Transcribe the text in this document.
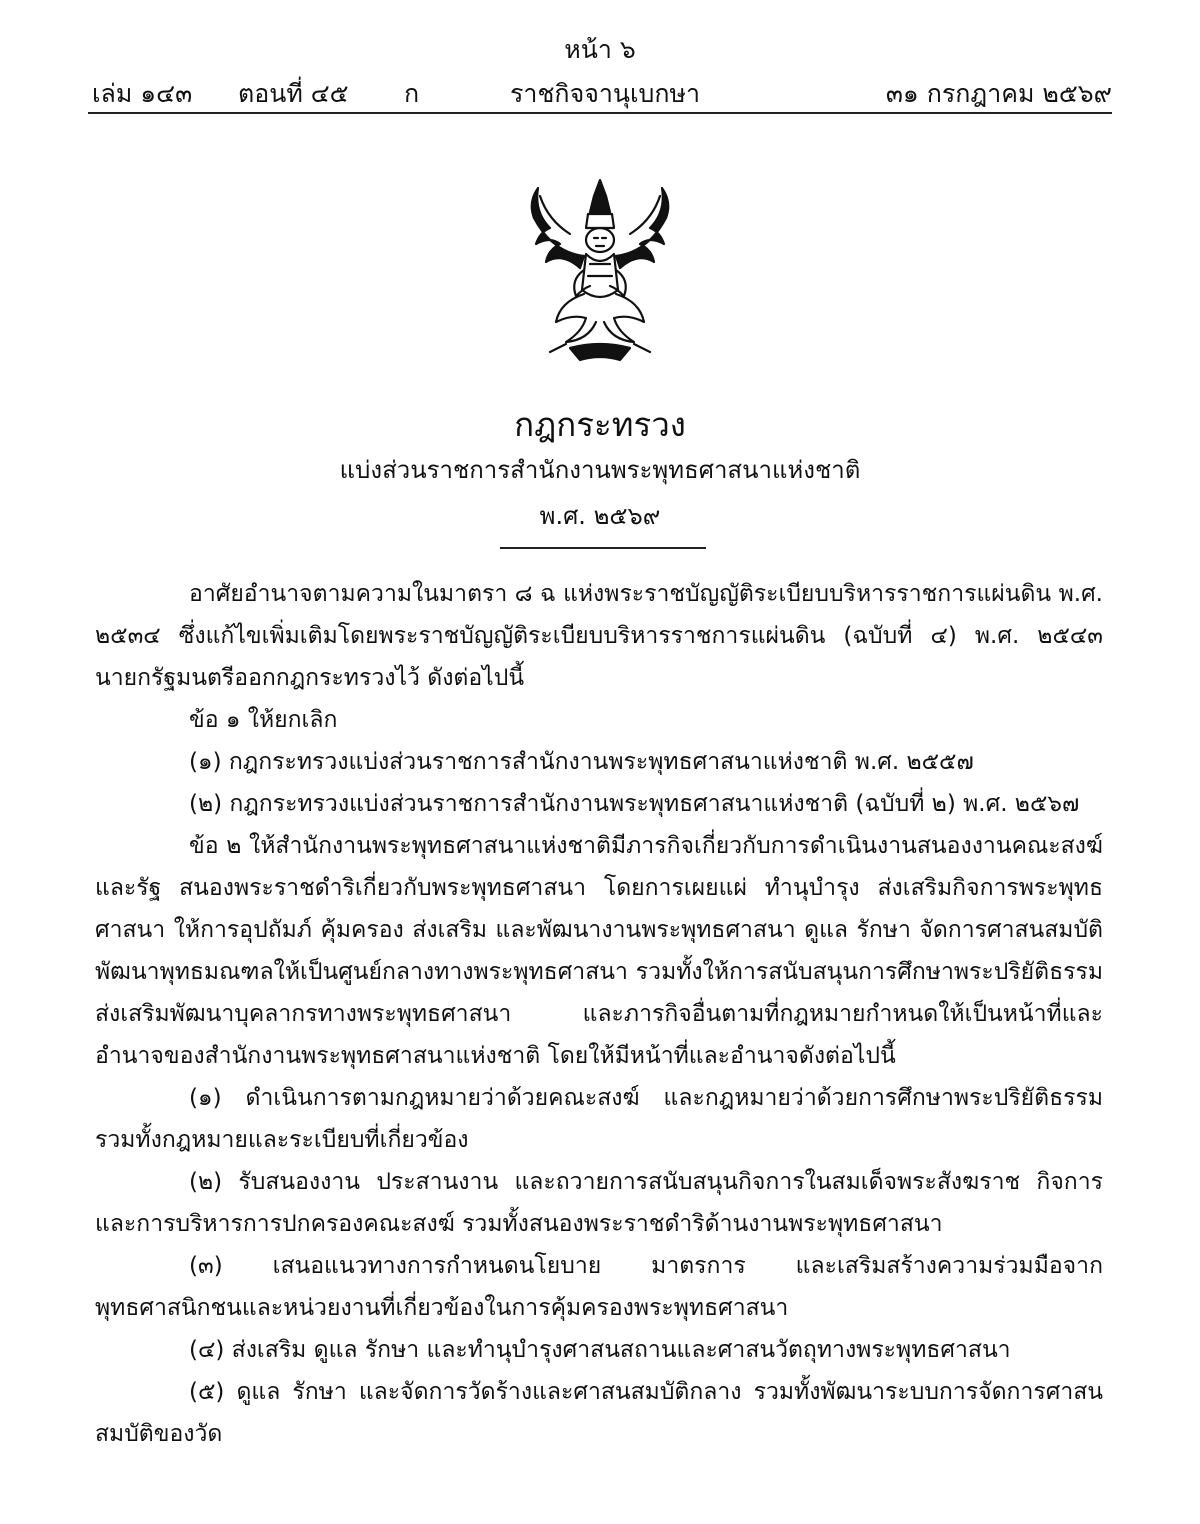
หน้า ๖
เล่ม ๑๔๓ ตอนที่ ๔๕ ก	ราชกิจจานุเบกษา	๓๑ กรกฎาคม ๒๕๖๙
กฎกระทรวง
แบ่งส่วนราชการสำนักงานพระพุทธศาสนาแห่งชาติ
พ.ศ. ๒๕๖๙

อาศัยอำนาจตามความในมาตรา ๘ ฉ แห่งพระราชบัญญัติระเบียบบริหารราชการแผ่นดิน พ.ศ. ๒๕๓๔ ซึ่งแก้ไขเพิ่มเติมโดยพระราชบัญญัติระเบียบบริหารราชการแผ่นดิน (ฉบับที่ ๔) พ.ศ. ๒๕๔๓ นายกรัฐมนตรีออกกฎกระทรวงไว้ ดังต่อไปนี้

ข้อ ๑ ให้ยกเลิก

(๑) กฎกระทรวงแบ่งส่วนราชการสำนักงานพระพุทธศาสนาแห่งชาติ พ.ศ. ๒๕๕๗

(๒) กฎกระทรวงแบ่งส่วนราชการสำนักงานพระพุทธศาสนาแห่งชาติ (ฉบับที่ ๒) พ.ศ. ๒๕๖๗

ข้อ ๒ ให้สำนักงานพระพุทธศาสนาแห่งชาติมีภารกิจเกี่ยวกับการดำเนินงานสนองงานคณะสงฆ์และรัฐ สนองพระราชดำริเกี่ยวกับพระพุทธศาสนา โดยการเผยแผ่ ทำนุบำรุง ส่งเสริมกิจการพระพุทธศาสนา ให้การอุปถัมภ์ คุ้มครอง ส่งเสริม และพัฒนางานพระพุทธศาสนา ดูแล รักษา จัดการศาสนสมบัติ พัฒนาพุทธมณฑลให้เป็นศูนย์กลางทางพระพุทธศาสนา รวมทั้งให้การสนับสนุนการศึกษาพระปริยัติธรรม ส่งเสริมพัฒนาบุคลากรทางพระพุทธศาสนา และภารกิจอื่นตามที่กฎหมายกำหนดให้เป็นหน้าที่และอำนาจของสำนักงานพระพุทธศาสนาแห่งชาติ โดยให้มีหน้าที่และอำนาจดังต่อไปนี้

(๑) ดำเนินการตามกฎหมายว่าด้วยคณะสงฆ์ และกฎหมายว่าด้วยการศึกษาพระปริยัติธรรม รวมทั้งกฎหมายและระเบียบที่เกี่ยวข้อง

(๒) รับสนองงาน ประสานงาน และถวายการสนับสนุนกิจการในสมเด็จพระสังฆราช กิจการและการบริหารการปกครองคณะสงฆ์ รวมทั้งสนองพระราชดำริด้านงานพระพุทธศาสนา

(๓) เสนอแนวทางการกำหนดนโยบาย มาตรการ และเสริมสร้างความร่วมมือจากพุทธศาสนิกชนและหน่วยงานที่เกี่ยวข้องในการคุ้มครองพระพุทธศาสนา

(๔) ส่งเสริม ดูแล รักษา และทำนุบำรุงศาสนสถานและศาสนวัตถุทางพระพุทธศาสนา

(๕) ดูแล รักษา และจัดการวัดร้างและศาสนสมบัติกลาง รวมทั้งพัฒนาระบบการจัดการศาสนสมบัติของวัด
